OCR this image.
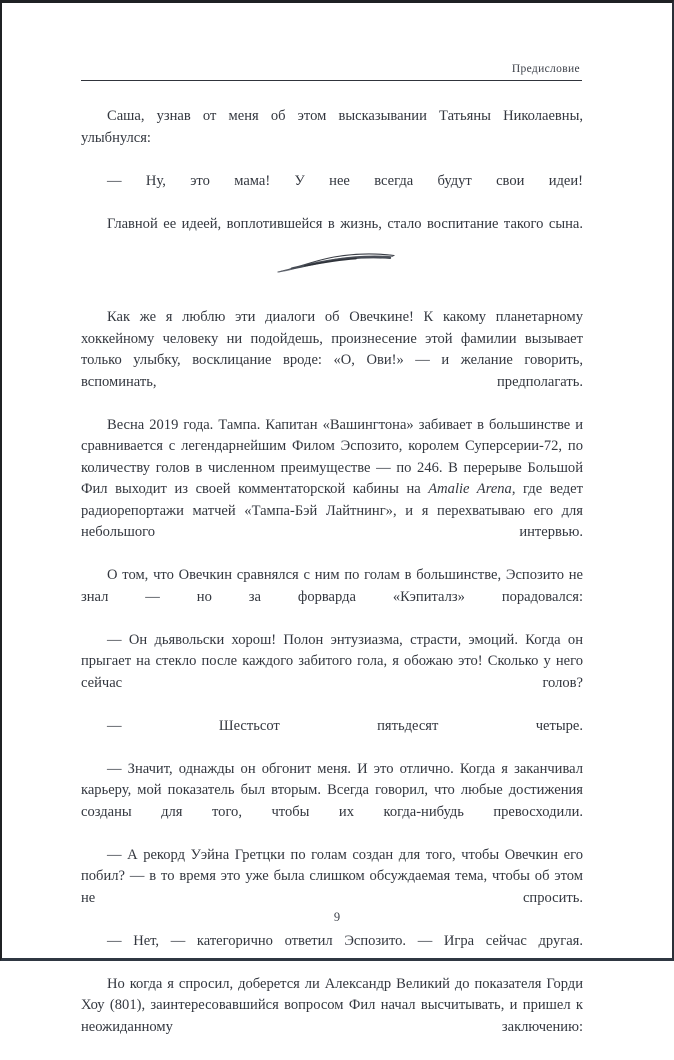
Предисловие

Саша, узнав от меня об этом высказывании Татьяны Николаевны, улыбнулся:

— Ну, это мама! У нее всегда будут свои идеи!

Главной ее идеей, воплотившейся в жизнь, стало воспитание такого сына.

Как же я люблю эти диалоги об Овечкине! К какому планетарному хоккейному человеку ни подойдешь, произнесение этой фамилии вызывает только улыбку, восклицание вроде: «О, Ови!» — и желание говорить, вспоминать, предполагать.

Весна 2019 года. Тампа. Капитан «Вашингтона» забивает в большинстве и сравнивается с легендарнейшим Филом Эспозито, королем Суперсерии-72, по количеству голов в численном преимуществе — по 246. В перерыве Большой Фил выходит из своей комментаторской кабины на Amalie Arena, где ведет радиорепортажи матчей «Тампа-Бэй Лайтнинг», и я перехватываю его для небольшого интервью.

О том, что Овечкин сравнялся с ним по голам в большинстве, Эспозито не знал — но за форварда «Кэпиталз» порадовался:

— Он дьявольски хорош! Полон энтузиазма, страсти, эмоций. Когда он прыгает на стекло после каждого забитого гола, я обожаю это! Сколько у него сейчас голов?

— Шестьсот пятьдесят четыре.

— Значит, однажды он обгонит меня. И это отлично. Когда я заканчивал карьеру, мой показатель был вторым. Всегда говорил, что любые достижения созданы для того, чтобы их когда-нибудь превосходили.

— А рекорд Уэйна Гретцки по голам создан для того, чтобы Овечкин его побил? — в то время это уже была слишком обсуждаемая тема, чтобы об этом не спросить.

— Нет, — категорично ответил Эспозито. — Игра сейчас другая.

Но когда я спросил, доберется ли Александр Великий до показателя Горди Хоу (801), заинтересовавшийся вопросом Фил начал высчитывать, и пришел к неожиданному заключению:

9
